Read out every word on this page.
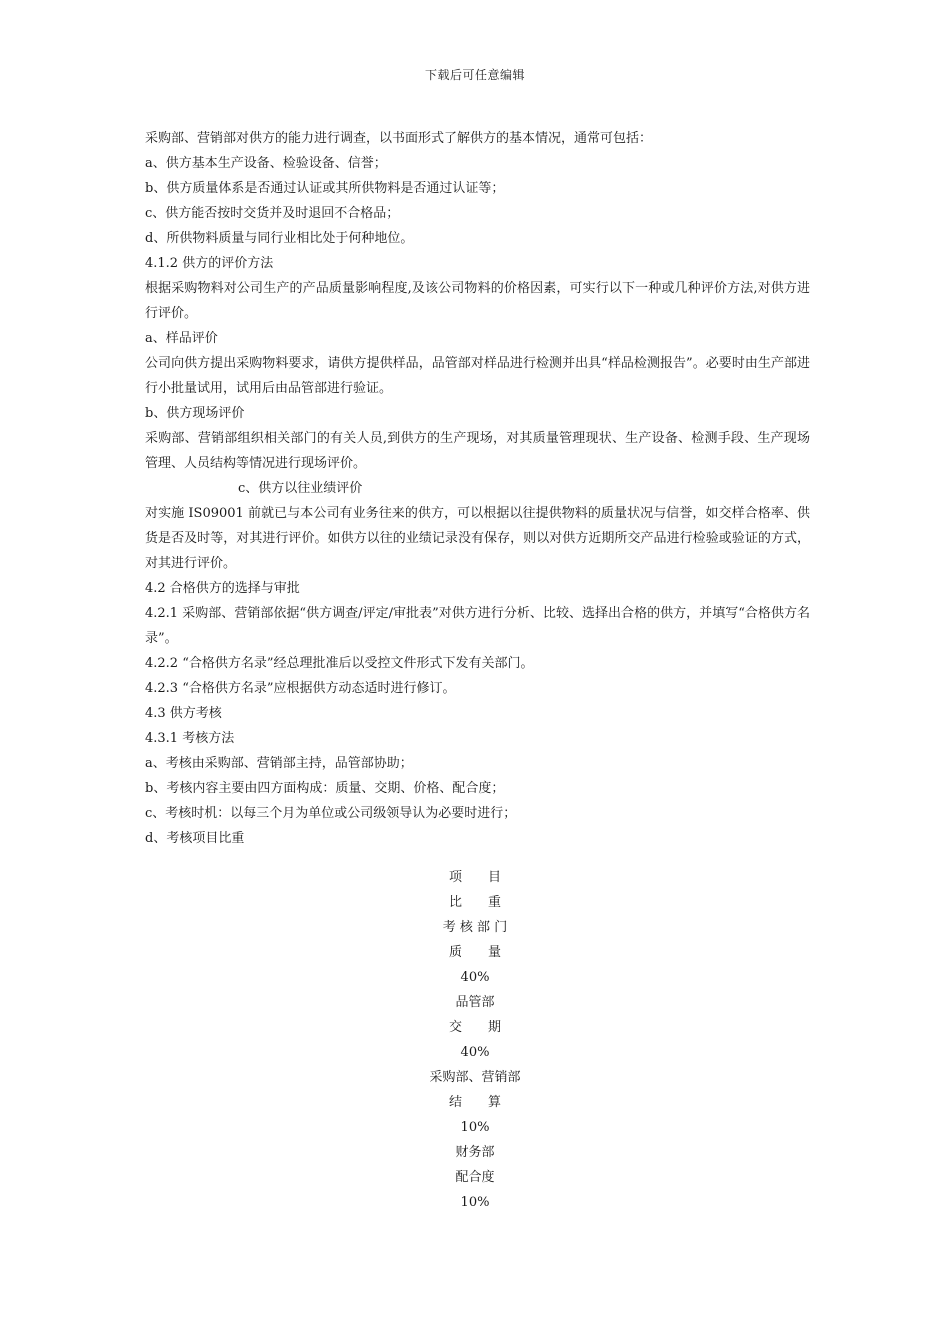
下载后可任意编辑
采购部、营销部对供方的能力进行调查，以书面形式了解供方的基本情况，通常可包括：
a、供方基本生产设备、检验设备、信誉；
b、供方质量体系是否通过认证或其所供物料是否通过认证等；
c、供方能否按时交货并及时退回不合格品；
d、所供物料质量与同行业相比处于何种地位。
4.1.2 供方的评价方法
根据采购物料对公司生产的产品质量影响程度,及该公司物料的价格因素，可实行以下一种或几种评价方法,对供方进行评价。
a、样品评价
公司向供方提出采购物料要求，请供方提供样品，品管部对样品进行检测并出具“样品检测报告”。必要时由生产部进行小批量试用，试用后由品管部进行验证。
b、供方现场评价
采购部、营销部组织相关部门的有关人员,到供方的生产现场，对其质量管理现状、生产设备、检测手段、生产现场管理、人员结构等情况进行现场评价。
c、供方以往业绩评价
对实施 IS09001 前就已与本公司有业务往来的供方，可以根据以往提供物料的质量状况与信誉，如交样合格率、供货是否及时等，对其进行评价。如供方以往的业绩记录没有保存，则以对供方近期所交产品进行检验或验证的方式，对其进行评价。
4.2 合格供方的选择与审批
4.2.1 采购部、营销部依据“供方调查/评定/审批表”对供方进行分析、比较、选择出合格的供方，并填写“合格供方名录”。
4.2.2 “合格供方名录”经总理批准后以受控文件形式下发有关部门。
4.2.3 “合格供方名录”应根据供方动态适时进行修订。
4.3 供方考核
4.3.1 考核方法
a、考核由采购部、营销部主持，品管部协助；
b、考核内容主要由四方面构成：质量、交期、价格、配合度；
c、考核时机：以每三个月为单位或公司级领导认为必要时进行；
d、考核项目比重
项　　目
比　　重
考 核 部 门
质　　量
40%
品管部
交　　期
40%
采购部、营销部
结　　算
10%
财务部
配合度
10%
